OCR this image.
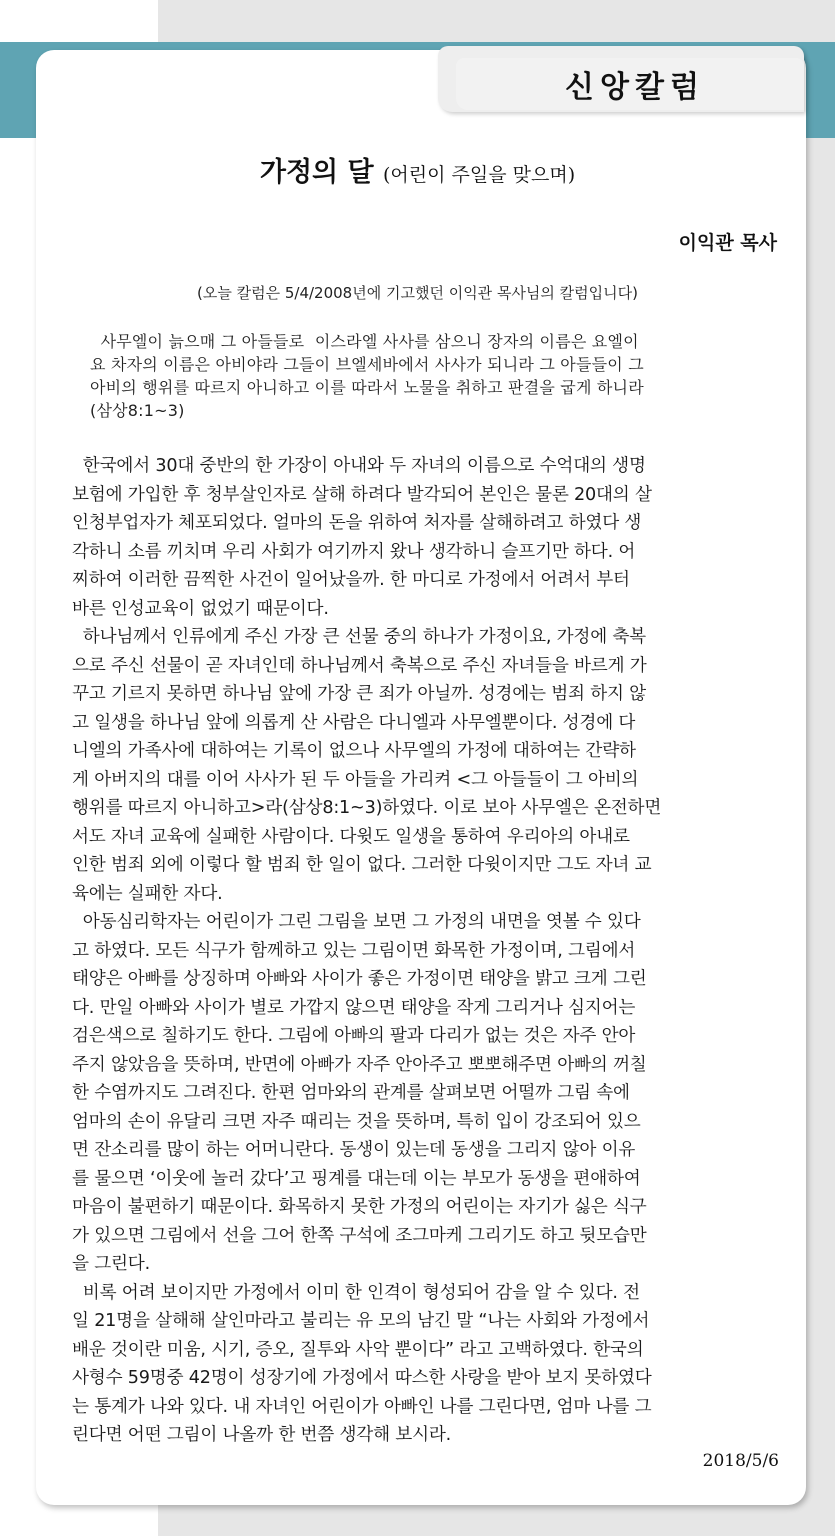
신앙칼럼
가정의 달 (어린이 주일을 맞으며)
이익관 목사
(오늘 칼럼은 5/4/2008년에 기고했던 이익관 목사님의 칼럼입니다)

사무엘이 늙으매 그 아들들로  이스라엘 사사를 삼으니 장자의 이름은 요엘이

요 차자의 이름은 아비야라 그들이 브엘세바에서 사사가 되니라 그 아들들이 그

아비의 행위를 따르지 아니하고 이를 따라서 노물을 취하고 판결을 굽게 하니라

(삼상8:1~3)

한국에서 30대 중반의 한 가장이 아내와 두 자녀의 이름으로 수억대의 생명
보험에 가입한 후 청부살인자로 살해 하려다 발각되어 본인은 물론 20대의 살
인청부업자가 체포되었다. 얼마의 돈을 위하여 처자를 살해하려고 하였다 생
각하니 소름 끼치며 우리 사회가 여기까지 왔나 생각하니 슬프기만 하다. 어
찌하여 이러한 끔찍한 사건이 일어났을까. 한 마디로 가정에서 어려서 부터
바른 인성교육이 없었기 때문이다.
하나님께서 인류에게 주신 가장 큰 선물 중의 하나가 가정이요, 가정에 축복
으로 주신 선물이 곧 자녀인데 하나님께서 축복으로 주신 자녀들을 바르게 가
꾸고 기르지 못하면 하나님 앞에 가장 큰 죄가 아닐까. 성경에는 범죄 하지 않
고 일생을 하나님 앞에 의롭게 산 사람은 다니엘과 사무엘뿐이다. 성경에 다
니엘의 가족사에 대하여는 기록이 없으나 사무엘의 가정에 대하여는 간략하
게 아버지의 대를 이어 사사가 된 두 아들을 가리켜 <그 아들들이 그 아비의
행위를 따르지 아니하고>라(삼상8:1~3)하였다. 이로 보아 사무엘은 온전하면
서도 자녀 교육에 실패한 사람이다. 다윗도 일생을 통하여 우리아의 아내로
인한 범죄 외에 이렇다 할 범죄 한 일이 없다. 그러한 다윗이지만 그도 자녀 교
육에는 실패한 자다.
아동심리학자는 어린이가 그린 그림을 보면 그 가정의 내면을 엿볼 수 있다
고 하였다. 모든 식구가 함께하고 있는 그림이면 화목한 가정이며, 그림에서
태양은 아빠를 상징하며 아빠와 사이가 좋은 가정이면 태양을 밝고 크게 그린
다. 만일 아빠와 사이가 별로 가깝지 않으면 태양을 작게 그리거나 심지어는
검은색으로 칠하기도 한다. 그림에 아빠의 팔과 다리가 없는 것은 자주 안아
주지 않았음을 뜻하며, 반면에 아빠가 자주 안아주고 뽀뽀해주면 아빠의 꺼칠
한 수염까지도 그려진다. 한편 엄마와의 관계를 살펴보면 어떨까 그림 속에
엄마의 손이 유달리 크면 자주 때리는 것을 뜻하며, 특히 입이 강조되어 있으
면 잔소리를 많이 하는 어머니란다. 동생이 있는데 동생을 그리지 않아 이유
를 물으면 ‘이웃에 놀러 갔다’고 핑계를 대는데 이는 부모가 동생을 편애하여
마음이 불편하기 때문이다. 화목하지 못한 가정의 어린이는 자기가 싫은 식구
가 있으면 그림에서 선을 그어 한쪽 구석에 조그마케 그리기도 하고 뒷모습만
을 그린다.
비록 어려 보이지만 가정에서 이미 한 인격이 형성되어 감을 알 수 있다. 전
일 21명을 살해해 살인마라고 불리는 유 모의 남긴 말 “나는 사회와 가정에서
배운 것이란 미움, 시기, 증오, 질투와 사악 뿐이다” 라고 고백하였다. 한국의
사형수 59명중 42명이 성장기에 가정에서 따스한 사랑을 받아 보지 못하였다
는 통계가 나와 있다. 내 자녀인 어린이가 아빠인 나를 그린다면, 엄마 나를 그
린다면 어떤 그림이 나올까 한 번쯤 생각해 보시라.
2018/5/6
